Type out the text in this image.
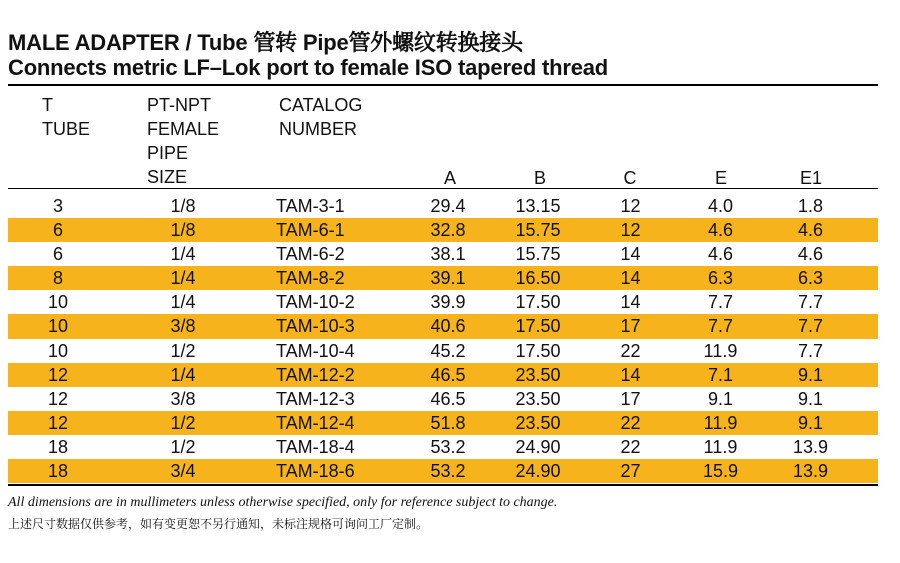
MALE ADAPTER / Tube 管转 Pipe管外螺纹转换接头
Connects metric LF–Lok port to female ISO tapered thread
T
TUBE
PT-NPT
FEMALE
PIPE
SIZE
CATALOG
NUMBER
A	B	C	E	E1
3	1/8	TAM-3-1	29.4	13.15	12	4.0	1.8
6	1/8	TAM-6-1	32.8	15.75	12	4.6	4.6
6	1/4	TAM-6-2	38.1	15.75	14	4.6	4.6
8	1/4	TAM-8-2	39.1	16.50	14	6.3	6.3
10	1/4	TAM-10-2	39.9	17.50	14	7.7	7.7
10	3/8	TAM-10-3	40.6	17.50	17	7.7	7.7
10	1/2	TAM-10-4	45.2	17.50	22	11.9	7.7
12	1/4	TAM-12-2	46.5	23.50	14	7.1	9.1
12	3/8	TAM-12-3	46.5	23.50	17	9.1	9.1
12	1/2	TAM-12-4	51.8	23.50	22	11.9	9.1
18	1/2	TAM-18-4	53.2	24.90	22	11.9	13.9
18	3/4	TAM-18-6	53.2	24.90	27	15.9	13.9
All dimensions are in mullimeters unless otherwise specified, only for reference subject to change.
上述尺寸数据仅供参考，如有变更恕不另行通知，未标注规格可询问工厂定制。
